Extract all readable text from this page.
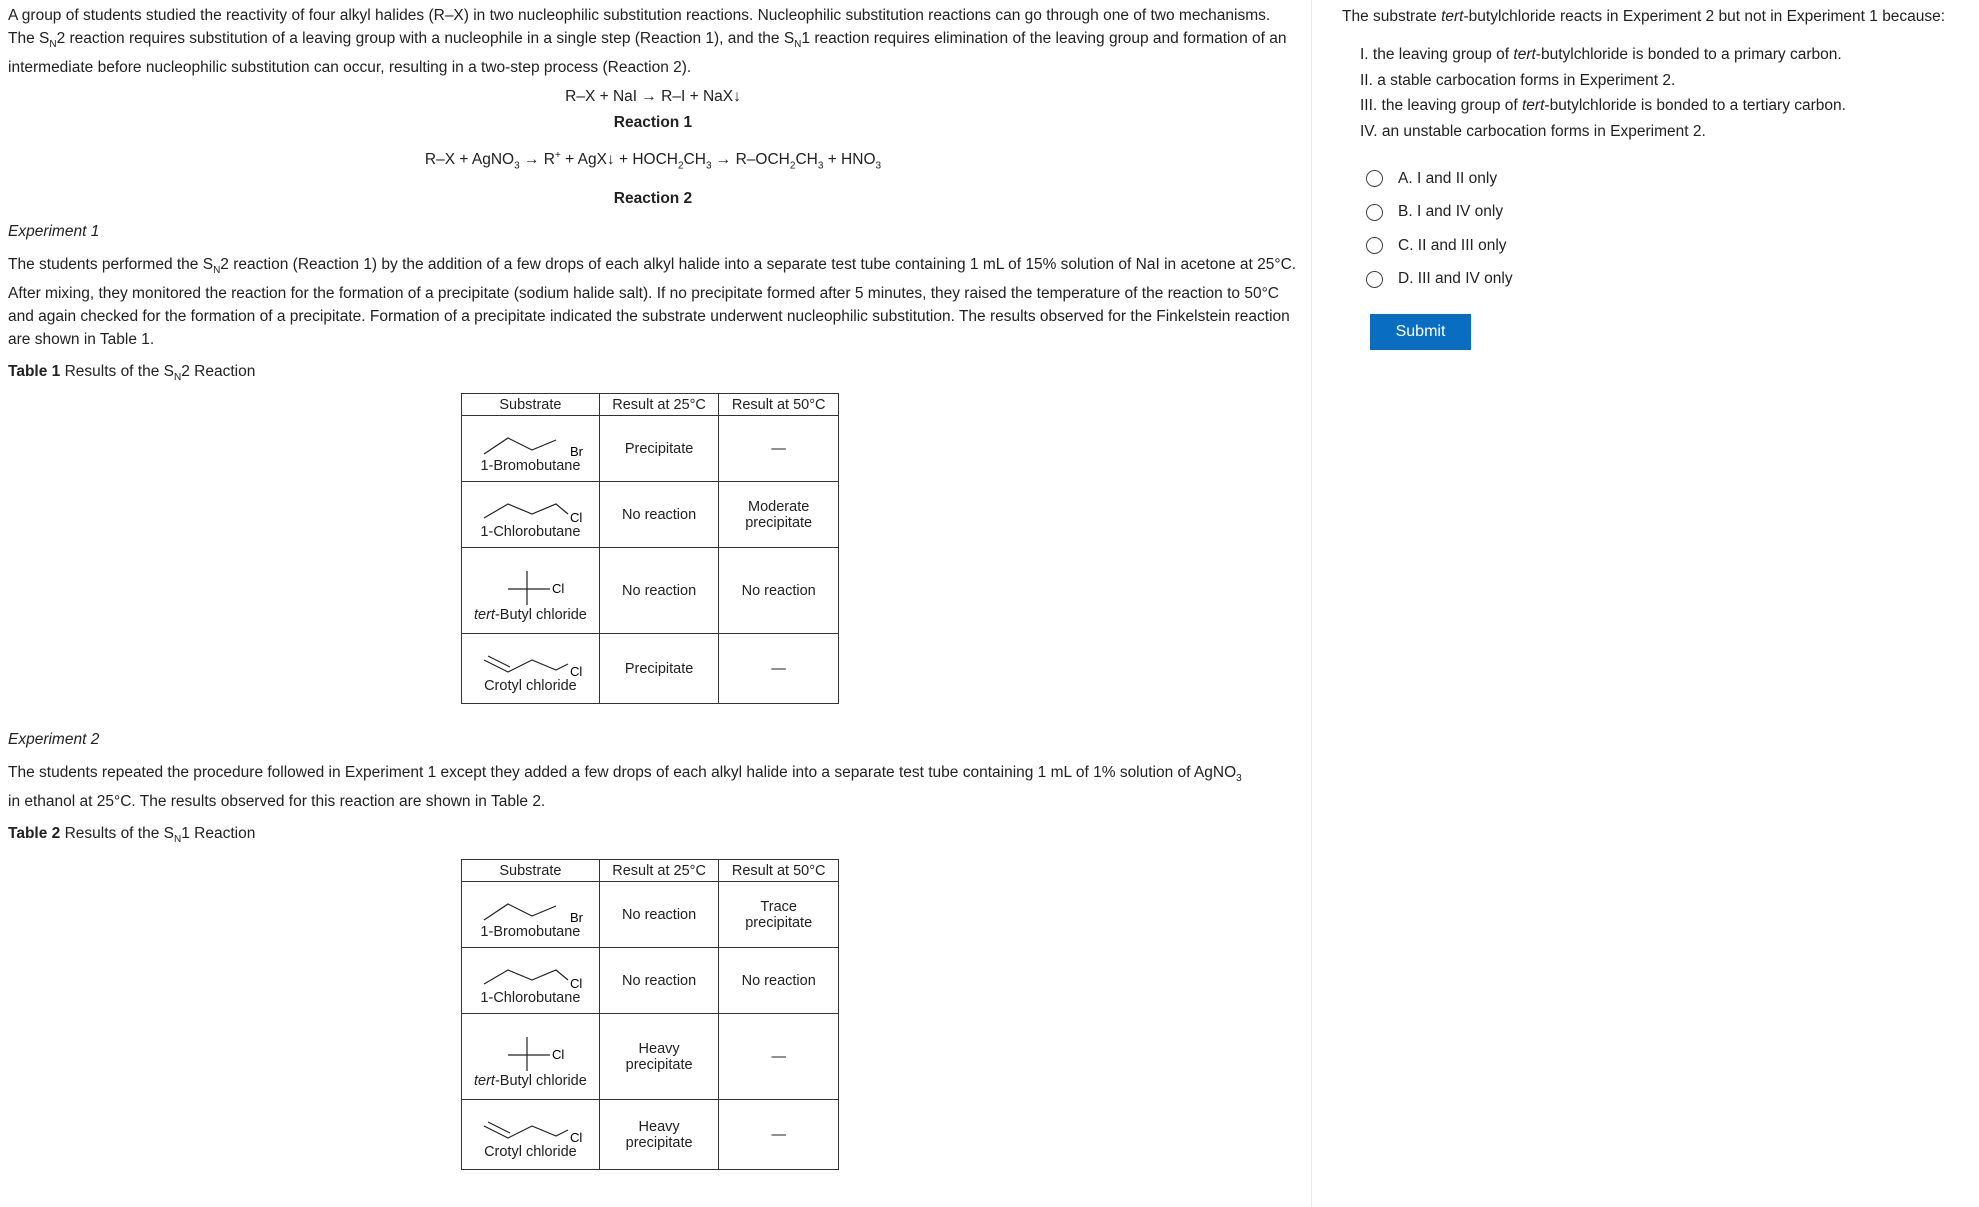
A group of students studied the reactivity of four alkyl halides (R–X) in two nucleophilic substitution reactions. Nucleophilic substitution reactions can go through one of two mechanisms. The $S_N2$ reaction requires substitution of a leaving group with a nucleophile in a single step (Reaction 1), and the $S_N1$ reaction requires elimination of the leaving group and formation of an intermediate before nucleophilic substitution can occur, resulting in a two-step process (Reaction 2).

R–X + NaI → R–I + NaX↓

Reaction 1

R–X + AgNO$_3$ → R+ + AgX↓ + $HOCH_2CH_3 \to R-OCH_2CH_3 + HNO_3$

Reaction 2

Experiment 1

The students performed the $S_N2$ reaction (Reaction 1) by the addition of a few drops of each alkyl halide into a separate test tube containing 1 mL of 15% solution of NaI in acetone at 25°C. After mixing, they monitored the reaction for the formation of a precipitate (sodium halide salt). If no precipitate formed after 5 minutes, they raised the temperature of the reaction to 50°C and again checked for the formation of a precipitate. Formation of a precipitate indicated the substrate underwent nucleophilic substitution. The results observed for the Finkelstein reaction are shown in Table 1.

Table 1 Results of the $S_N2$ Reaction

Substrate	Result at 25°C	Result at 50°C

Br
1-Bromobutane	Precipitate	—

Cl
1-Chlorobutane	No reaction	Moderate precipitate

Cl
tert-Butyl chloride	No reaction	No reaction

Cl
Crotyl chloride	Precipitate	—

Experiment 2

The students repeated the procedure followed in Experiment 1 except they added a few drops of each alkyl halide into a separate test tube containing 1 mL of 1% solution of AgNO$_3$
in ethanol at 25°C. The results observed for this reaction are shown in Table 2.

Table 2 Results of the $S_N1$ Reaction

Substrate	Result at 25°C	Result at 50°C

Br
1-Bromobutane	No reaction	Trace precipitate

Cl
1-Chlorobutane	No reaction	No reaction

Cl
tert-Butyl chloride	Heavy precipitate	—

Cl
Crotyl chloride	Heavy precipitate	—

The substrate tert-butylchloride reacts in Experiment 2 but not in Experiment 1 because:

I. the leaving group of tert-butylchloride is bonded to a primary carbon.
II. a stable carbocation forms in Experiment 2.
III. the leaving group of tert-butylchloride is bonded to a tertiary carbon.
IV. an unstable carbocation forms in Experiment 2.
A. I and II only
B. I and IV only
C. II and III only
D. III and IV only
Submit
